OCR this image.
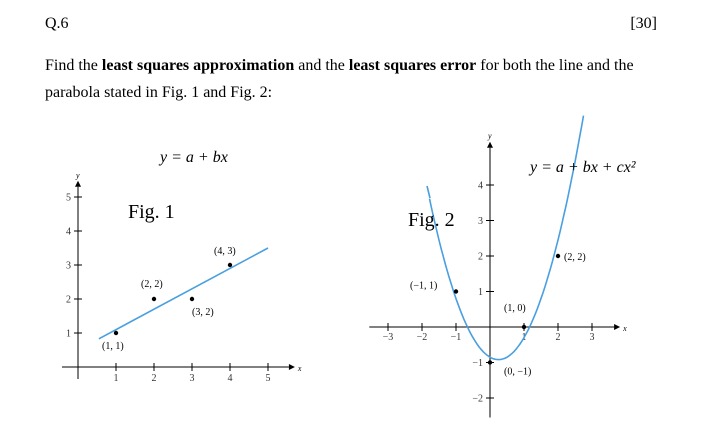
Q.6	[30]
Find the least squares approximation and the least squares error for both the line and the parabola stated in Fig. 1 and Fig. 2:
1	2	3	4	5
1
2
3
4
5
(1, 1)
(2, 2)
(3, 2)
(4, 3)
Fig. 1
y = a + bx
x
y
−3 −2 −1	1	2	3
−2
−1
1
2
3
4
(−1, 1)
(0, −1)
(1, 0)
(2, 2)
Fig. 2
y = a + bx + cx²
x
y
